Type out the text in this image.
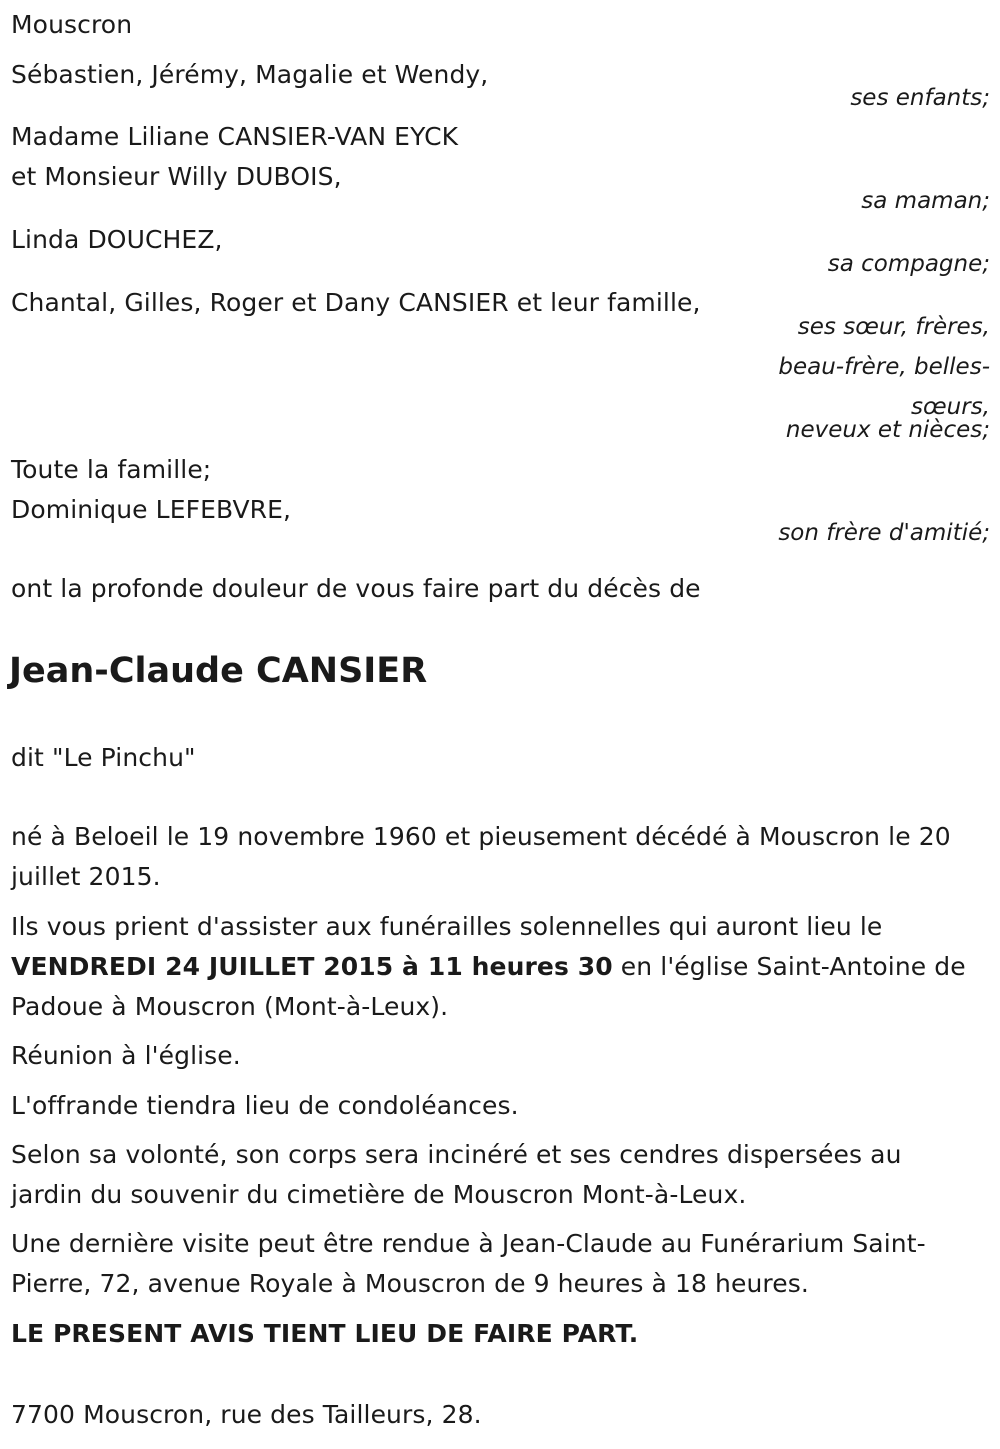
Mouscron

Sébastien, Jérémy, Magalie et Wendy,

ses enfants;

Madame Liliane CANSIER-VAN EYCK

et Monsieur Willy DUBOIS,

sa maman;

Linda DOUCHEZ,

sa compagne;

Chantal, Gilles, Roger et Dany CANSIER et leur famille,

ses sœur, frères,

beau-frère, belles-

sœurs,

neveux et nièces;

Toute la famille;

Dominique LEFEBVRE,

son frère d'amitié;

ont la profonde douleur de vous faire part du décès de

Jean-Claude CANSIER

dit "Le Pinchu"

né à Beloeil le 19 novembre 1960 et pieusement décédé à Mouscron le 20

juillet 2015.

Ils vous prient d'assister aux funérailles solennelles qui auront lieu le

VENDREDI 24 JUILLET 2015 à 11 heures 30 en l'église Saint-Antoine de

Padoue à Mouscron (Mont-à-Leux).

Réunion à l'église.

L'offrande tiendra lieu de condoléances.

Selon sa volonté, son corps sera incinéré et ses cendres dispersées au

jardin du souvenir du cimetière de Mouscron Mont-à-Leux.

Une dernière visite peut être rendue à Jean-Claude au Funérarium Saint-

Pierre, 72, avenue Royale à Mouscron de 9 heures à 18 heures.

LE PRESENT AVIS TIENT LIEU DE FAIRE PART.

7700 Mouscron, rue des Tailleurs, 28.
